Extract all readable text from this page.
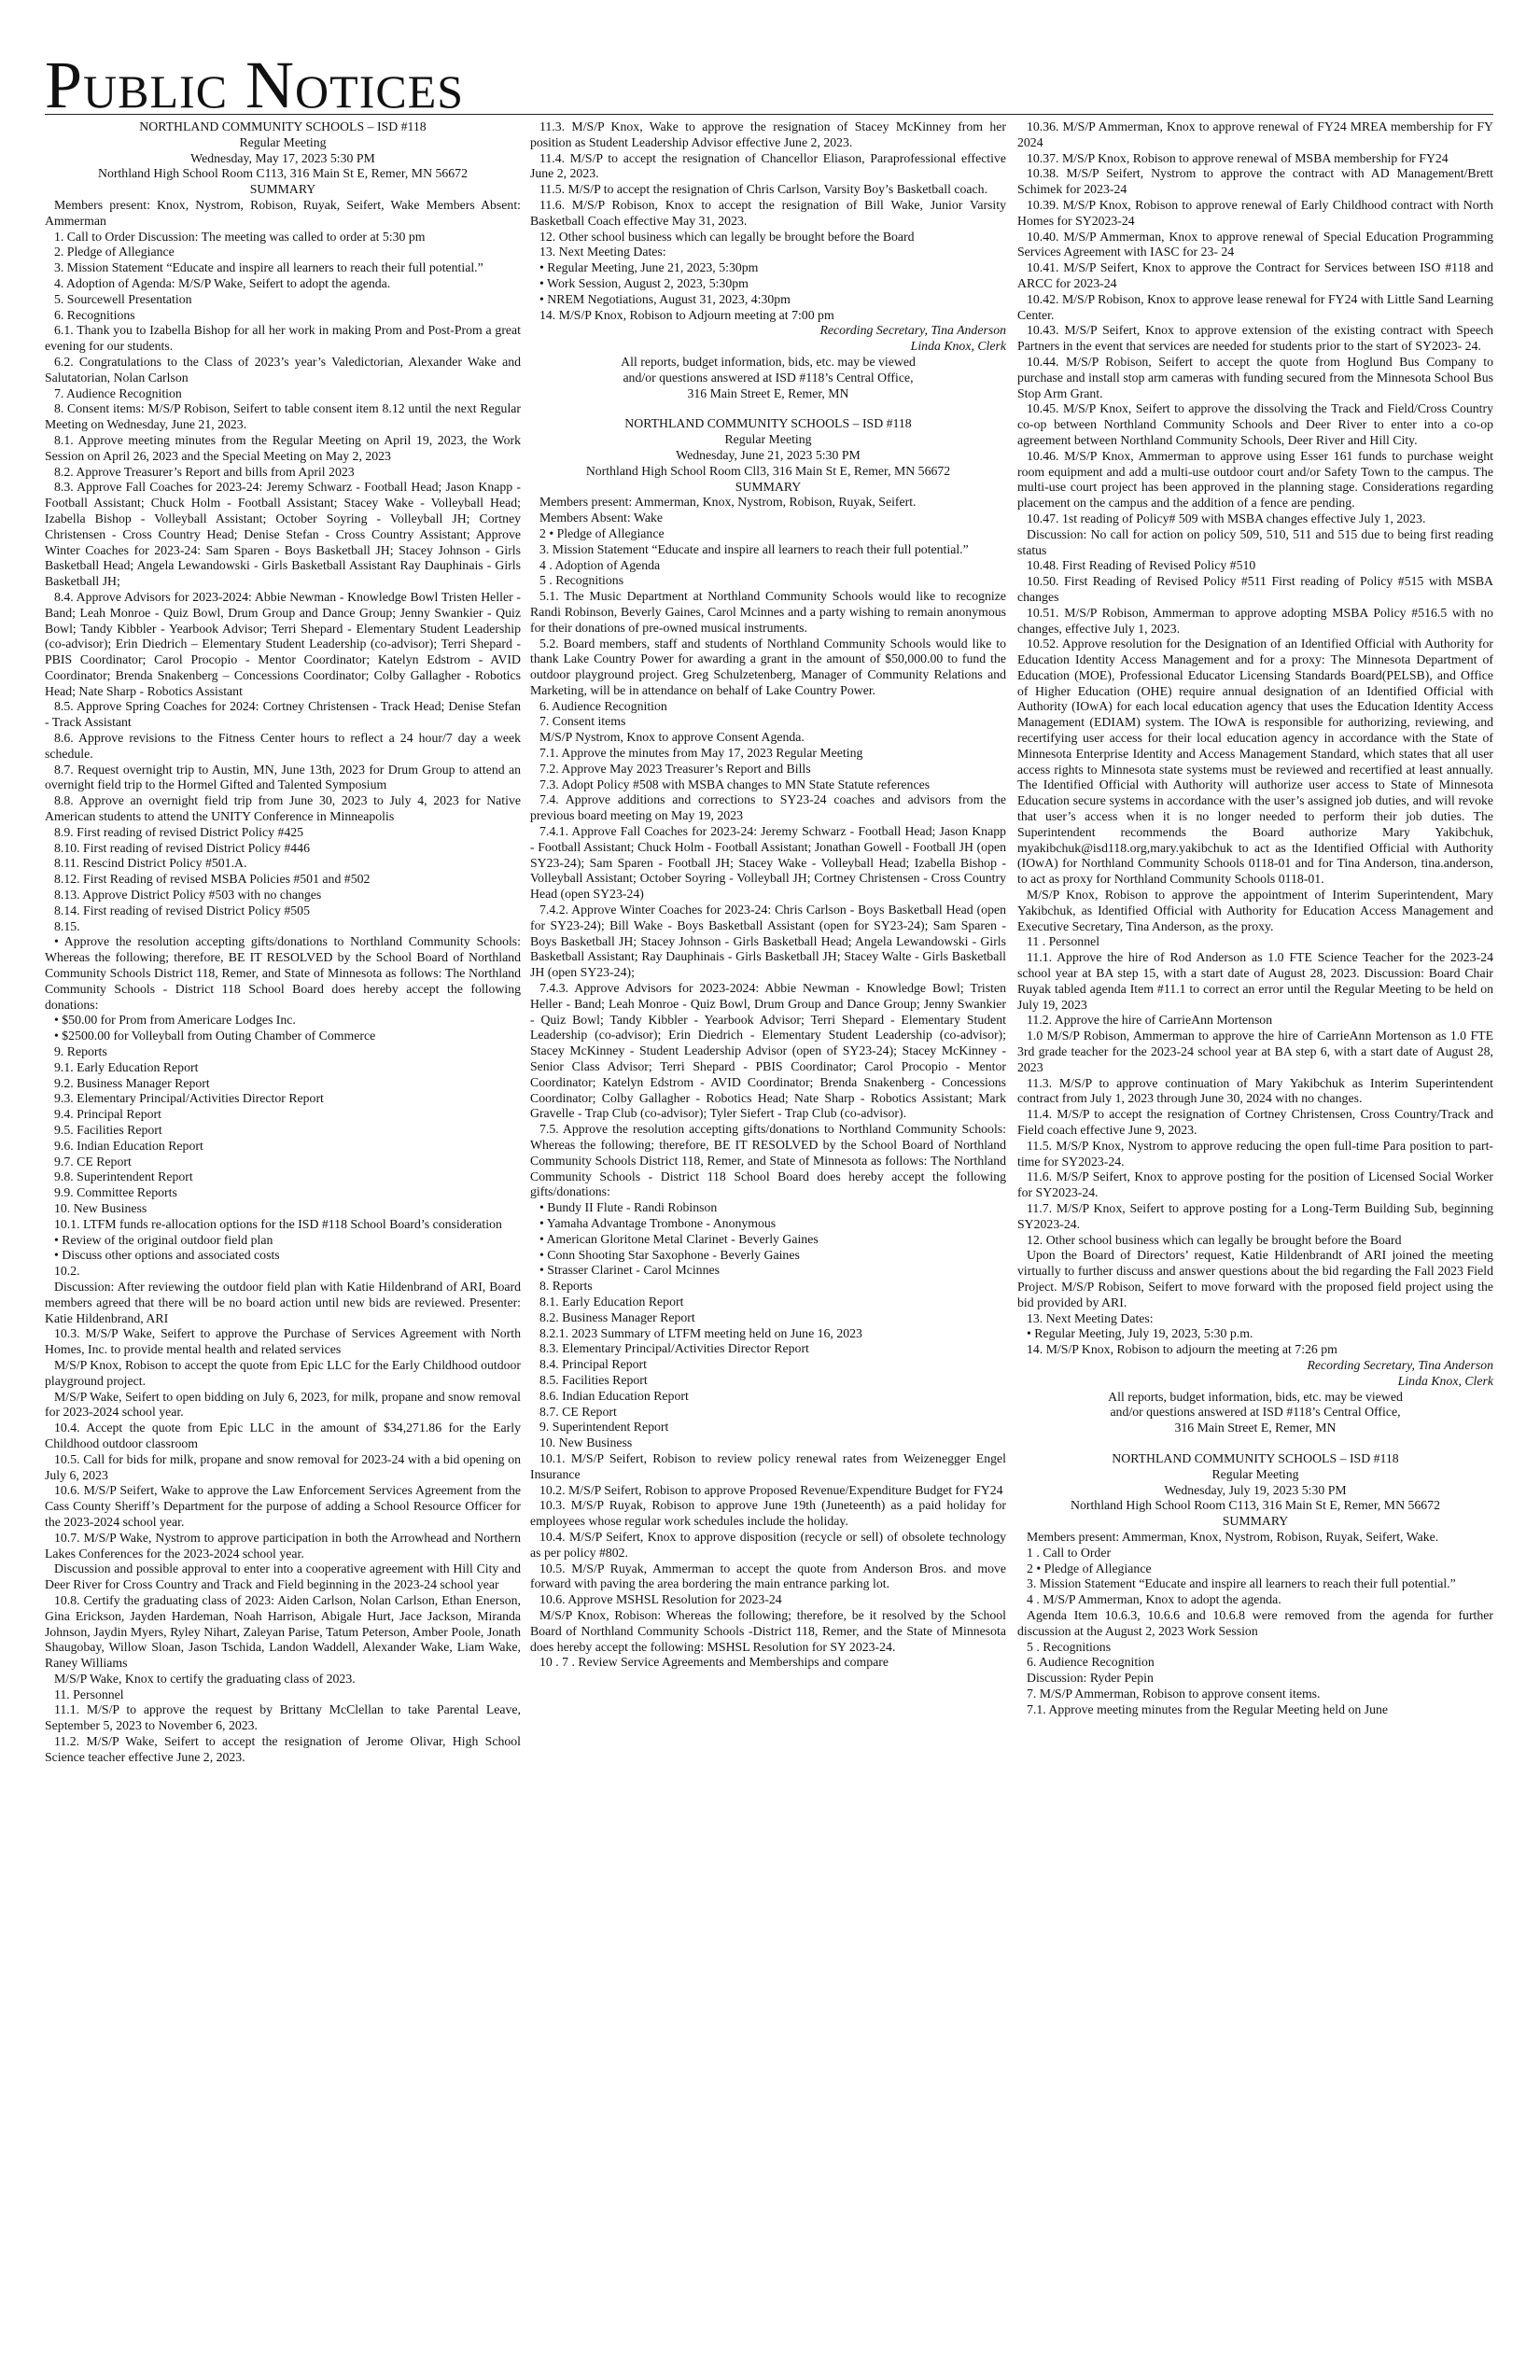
Public Notices

NORTHLAND COMMUNITY SCHOOLS – ISD #118

Regular Meeting

Wednesday, May 17, 2023 5:30 PM

Northland High School Room C113, 316 Main St E, Remer, MN 56672

SUMMARY

Members present: Knox, Nystrom, Robison, Ruyak, Seifert, Wake Members Absent: Ammerman

1. Call to Order Discussion: The meeting was called to order at 5:30 pm

2. Pledge of Allegiance

3. Mission Statement “Educate and inspire all learners to reach their full potential.”

4. Adoption of Agenda: M/S/P Wake, Seifert to adopt the agenda.

5. Sourcewell Presentation

6. Recognitions

6.1. Thank you to Izabella Bishop for all her work in making Prom and Post-Prom a great evening for our students.

6.2. Congratulations to the Class of 2023’s year’s Valedictorian, Alexander Wake and Salutatorian, Nolan Carlson

7. Audience Recognition

8. Consent items: M/S/P Robison, Seifert to table consent item 8.12 until the next Regular Meeting on Wednesday, June 21, 2023.

8.1. Approve meeting minutes from the Regular Meeting on April 19, 2023, the Work Session on April 26, 2023 and the Special Meeting on May 2, 2023

8.2. Approve Treasurer’s Report and bills from April 2023

8.3. Approve Fall Coaches for 2023-24: Jeremy Schwarz - Football Head; Jason Knapp - Football Assistant; Chuck Holm - Football Assistant; Stacey Wake - Volleyball Head; Izabella Bishop - Volleyball Assistant; October Soyring - Volleyball JH; Cortney Christensen - Cross Country Head; Denise Stefan - Cross Country Assistant; Approve Winter Coaches for 2023-24: Sam Sparen - Boys Basketball JH; Stacey Johnson - Girls Basketball Head; Angela Lewandowski - Girls Basketball Assistant Ray Dauphinais - Girls Basketball JH;

8.4. Approve Advisors for 2023-2024: Abbie Newman - Knowledge Bowl Tristen Heller - Band; Leah Monroe - Quiz Bowl, Drum Group and Dance Group; Jenny Swankier - Quiz Bowl; Tandy Kibbler - Yearbook Advisor; Terri Shepard - Elementary Student Leadership (co-advisor); Erin Diedrich – Elementary Student Leadership (co-advisor); Terri Shepard - PBIS Coordinator; Carol Procopio - Mentor Coordinator; Katelyn Edstrom - AVID Coordinator; Brenda Snakenberg – Concessions Coordinator; Colby Gallagher - Robotics Head; Nate Sharp - Robotics Assistant

8.5. Approve Spring Coaches for 2024: Cortney Christensen - Track Head; Denise Stefan - Track Assistant

8.6. Approve revisions to the Fitness Center hours to reflect a 24 hour/7 day a week schedule.

8.7. Request overnight trip to Austin, MN, June 13th, 2023 for Drum Group to attend an overnight field trip to the Hormel Gifted and Talented Symposium

8.8. Approve an overnight field trip from June 30, 2023 to July 4, 2023 for Native American students to attend the UNITY Conference in Minneapolis

8.9. First reading of revised District Policy #425

8.10. First reading of revised District Policy #446

8.11. Rescind District Policy #501.A.

8.12. First Reading of revised MSBA Policies #501 and #502

8.13. Approve District Policy #503 with no changes

8.14. First reading of revised District Policy #505

8.15.

• Approve the resolution accepting gifts/donations to Northland Community Schools: Whereas the following; therefore, BE IT RESOLVED by the School Board of Northland Community Schools District 118, Remer, and State of Minnesota as follows: The Northland Community Schools - District 118 School Board does hereby accept the following donations:

• $50.00 for Prom from Americare Lodges Inc.

• $2500.00 for Volleyball from Outing Chamber of Commerce

9. Reports

9.1. Early Education Report

9.2. Business Manager Report

9.3. Elementary Principal/Activities Director Report

9.4. Principal Report

9.5. Facilities Report

9.6. Indian Education Report

9.7. CE Report

9.8. Superintendent Report

9.9. Committee Reports

10. New Business

10.1. LTFM funds re-allocation options for the ISD #118 School Board’s consideration

• Review of the original outdoor field plan

• Discuss other options and associated costs

10.2.

Discussion: After reviewing the outdoor field plan with Katie Hildenbrand of ARI, Board members agreed that there will be no board action until new bids are reviewed. Presenter: Katie Hildenbrand, ARI

10.3. M/S/P Wake, Seifert to approve the Purchase of Services Agreement with North Homes, Inc. to provide mental health and related services

M/S/P Knox, Robison to accept the quote from Epic LLC for the Early Childhood outdoor playground project.

M/S/P Wake, Seifert to open bidding on July 6, 2023, for milk, propane and snow removal for 2023-2024 school year.

10.4. Accept the quote from Epic LLC in the amount of $34,271.86 for the Early Childhood outdoor classroom

10.5. Call for bids for milk, propane and snow removal for 2023-24 with a bid opening on July 6, 2023

10.6. M/S/P Seifert, Wake to approve the Law Enforcement Services Agreement from the Cass County Sheriff’s Department for the purpose of adding a School Resource Officer for the 2023-2024 school year.

10.7. M/S/P Wake, Nystrom to approve participation in both the Arrowhead and Northern Lakes Conferences for the 2023-2024 school year.

Discussion and possible approval to enter into a cooperative agreement with Hill City and Deer River for Cross Country and Track and Field beginning in the 2023-24 school year

10.8. Certify the graduating class of 2023: Aiden Carlson, Nolan Carlson, Ethan Enerson, Gina Erickson, Jayden Hardeman, Noah Harrison, Abigale Hurt, Jace Jackson, Miranda Johnson, Jaydin Myers, Ryley Nihart, Zaleyan Parise, Tatum Peterson, Amber Poole, Jonath Shaugobay, Willow Sloan, Jason Tschida, Landon Waddell, Alexander Wake, Liam Wake, Raney Williams

M/S/P Wake, Knox to certify the graduating class of 2023.

11. Personnel

11.1. M/S/P to approve the request by Brittany McClellan to take Parental Leave, September 5, 2023 to November 6, 2023.

11.2. M/S/P Wake, Seifert to accept the resignation of Jerome Olivar, High School Science teacher effective June 2, 2023.

11.3. M/S/P Knox, Wake to approve the resignation of Stacey McKinney from her position as Student Leadership Advisor effective June 2, 2023.

11.4. M/S/P to accept the resignation of Chancellor Eliason, Paraprofessional effective June 2, 2023.

11.5. M/S/P to accept the resignation of Chris Carlson, Varsity Boy’s Basketball coach.

11.6. M/S/P Robison, Knox to accept the resignation of Bill Wake, Junior Varsity Basketball Coach effective May 31, 2023.

12. Other school business which can legally be brought before the Board

13. Next Meeting Dates:

• Regular Meeting, June 21, 2023, 5:30pm

• Work Session, August 2, 2023, 5:30pm

• NREM Negotiations, August 31, 2023, 4:30pm

14. M/S/P Knox, Robison to Adjourn meeting at 7:00 pm

Recording Secretary, Tina Anderson

Linda Knox, Clerk

All reports, budget information, bids, etc. may be viewed

and/or questions answered at ISD #118’s Central Office,

316 Main Street E, Remer, MN

NORTHLAND COMMUNITY SCHOOLS – ISD #118

Regular Meeting

Wednesday, June 21, 2023 5:30 PM

Northland High School Room Cll3, 316 Main St E, Remer, MN 56672

SUMMARY

Members present: Ammerman, Knox, Nystrom, Robison, Ruyak, Seifert.

Members Absent: Wake

2 • Pledge of Allegiance

3. Mission Statement “Educate and inspire all learners to reach their full potential.”

4 . Adoption of Agenda

5 . Recognitions

5.1. The Music Department at Northland Community Schools would like to recognize Randi Robinson, Beverly Gaines, Carol Mcinnes and a party wishing to remain anonymous for their donations of pre-owned musical instruments.

5.2. Board members, staff and students of Northland Community Schools would like to thank Lake Country Power for awarding a grant in the amount of $50,000.00 to fund the outdoor playground project. Greg Schulzetenberg, Manager of Community Relations and Marketing, will be in attendance on behalf of Lake Country Power.

6. Audience Recognition

7. Consent items

M/S/P Nystrom, Knox to approve Consent Agenda.

7.1. Approve the minutes from May 17, 2023 Regular Meeting

7.2. Approve May 2023 Treasurer’s Report and Bills

7.3. Adopt Policy #508 with MSBA changes to MN State Statute references

7.4. Approve additions and corrections to SY23-24 coaches and advisors from the previous board meeting on May 19, 2023

7.4.1. Approve Fall Coaches for 2023-24: Jeremy Schwarz - Football Head; Jason Knapp - Football Assistant; Chuck Holm - Football Assistant; Jonathan Gowell - Football JH (open SY23-24); Sam Sparen - Football JH; Stacey Wake - Volleyball Head; Izabella Bishop - Volleyball Assistant; October Soyring - Volleyball JH; Cortney Christensen - Cross Country Head (open SY23-24)

7.4.2. Approve Winter Coaches for 2023-24: Chris Carlson - Boys Basketball Head (open for SY23-24); Bill Wake - Boys Basketball Assistant (open for SY23-24); Sam Sparen - Boys Basketball JH; Stacey Johnson - Girls Basketball Head; Angela Lewandowski - Girls Basketball Assistant; Ray Dauphinais - Girls Basketball JH; Stacey Walte - Girls Basketball JH (open SY23-24);

7.4.3. Approve Advisors for 2023-2024: Abbie Newman - Knowledge Bowl; Tristen Heller - Band; Leah Monroe - Quiz Bowl, Drum Group and Dance Group; Jenny Swankier - Quiz Bowl; Tandy Kibbler - Yearbook Advisor; Terri Shepard - Elementary Student Leadership (co-advisor); Erin Diedrich - Elementary Student Leadership (co-advisor); Stacey McKinney - Student Leadership Advisor (open of SY23-24); Stacey McKinney - Senior Class Advisor; Terri Shepard - PBIS Coordinator; Carol Procopio - Mentor Coordinator; Katelyn Edstrom - AVID Coordinator; Brenda Snakenberg - Concessions Coordinator; Colby Gallagher - Robotics Head; Nate Sharp - Robotics Assistant; Mark Gravelle - Trap Club (co-advisor); Tyler Siefert - Trap Club (co-advisor).

7.5. Approve the resolution accepting gifts/donations to Northland Community Schools: Whereas the following; therefore, BE IT RESOLVED by the School Board of Northland Community Schools District 118, Remer, and State of Minnesota as follows: The Northland Community Schools - District 118 School Board does hereby accept the following gifts/donations:

• Bundy II Flute - Randi Robinson

• Yamaha Advantage Trombone - Anonymous

• American Gloritone Metal Clarinet - Beverly Gaines

• Conn Shooting Star Saxophone - Beverly Gaines

• Strasser Clarinet - Carol Mcinnes

8. Reports

8.1. Early Education Report

8.2. Business Manager Report

8.2.1. 2023 Summary of LTFM meeting held on June 16, 2023

8.3. Elementary Principal/Activities Director Report

8.4. Principal Report

8.5. Facilities Report

8.6. Indian Education Report

8.7. CE Report

9. Superintendent Report

10. New Business

10.1. M/S/P Seifert, Robison to review policy renewal rates from Weizenegger Engel Insurance

10.2. M/S/P Seifert, Robison to approve Proposed Revenue/Expenditure Budget for FY24

10.3. M/S/P Ruyak, Robison to approve June 19th (Juneteenth) as a paid holiday for employees whose regular work schedules include the holiday.

10.4. M/S/P Seifert, Knox to approve disposition (recycle or sell) of obsolete technology as per policy #802.

10.5. M/S/P Ruyak, Ammerman to accept the quote from Anderson Bros. and move forward with paving the area bordering the main entrance parking lot.

10.6. Approve MSHSL Resolution for 2023-24

M/S/P Knox, Robison: Whereas the following; therefore, be it resolved by the School Board of Northland Community Schools -District 118, Remer, and the State of Minnesota does hereby accept the following: MSHSL Resolution for SY 2023-24.

10 . 7 . Review Service Agreements and Memberships and compare

10.36. M/S/P Ammerman, Knox to approve renewal of FY24 MREA membership for FY 2024

10.37. M/S/P Knox, Robison to approve renewal of MSBA membership for FY24

10.38. M/S/P Seifert, Nystrom to approve the contract with AD Management/Brett Schimek for 2023-24

10.39. M/S/P Knox, Robison to approve renewal of Early Childhood contract with North Homes for SY2023-24

10.40. M/S/P Ammerman, Knox to approve renewal of Special Education Programming Services Agreement with IASC for 23- 24

10.41. M/S/P Seifert, Knox to approve the Contract for Services between ISO #118 and ARCC for 2023-24

10.42. M/S/P Robison, Knox to approve lease renewal for FY24 with Little Sand Learning Center.

10.43. M/S/P Seifert, Knox to approve extension of the existing contract with Speech Partners in the event that services are needed for students prior to the start of SY2023- 24.

10.44. M/S/P Robison, Seifert to accept the quote from Hoglund Bus Company to purchase and install stop arm cameras with funding secured from the Minnesota School Bus Stop Arm Grant.

10.45. M/S/P Knox, Seifert to approve the dissolving the Track and Field/Cross Country co-op between Northland Community Schools and Deer River to enter into a co-op agreement between Northland Community Schools, Deer River and Hill City.

10.46. M/S/P Knox, Ammerman to approve using Esser 161 funds to purchase weight room equipment and add a multi-use outdoor court and/or Safety Town to the campus. The multi-use court project has been approved in the planning stage. Considerations regarding placement on the campus and the addition of a fence are pending.

10.47. 1st reading of Policy# 509 with MSBA changes effective July 1, 2023.

Discussion: No call for action on policy 509, 510, 511 and 515 due to being first reading status

10.48. First Reading of Revised Policy #510

10.50. First Reading of Revised Policy #511 First reading of Policy #515 with MSBA changes

10.51. M/S/P Robison, Ammerman to approve adopting MSBA Policy #516.5 with no changes, effective July 1, 2023.

10.52. Approve resolution for the Designation of an Identified Official with Authority for Education Identity Access Management and for a proxy: The Minnesota Department of Education (MOE), Professional Educator Licensing Standards Board(PELSB), and Office of Higher Education (OHE) require annual designation of an Identified Official with Authority (IOwA) for each local education agency that uses the Education Identity Access Management (EDIAM) system. The IOwA is responsible for authorizing, reviewing, and recertifying user access for their local education agency in accordance with the State of Minnesota Enterprise Identity and Access Management Standard, which states that all user access rights to Minnesota state systems must be reviewed and recertified at least annually. The Identified Official with Authority will authorize user access to State of Minnesota Education secure systems in accordance with the user’s assigned job duties, and will revoke that user’s access when it is no longer needed to perform their job duties. The Superintendent recommends the Board authorize Mary Yakibchuk, myakibchuk@isd118.org,mary.yakibchuk to act as the Identified Official with Authority (IOwA) for Northland Community Schools 0118-01 and for Tina Anderson, tina.anderson, to act as proxy for Northland Community Schools 0118-01.

M/S/P Knox, Robison to approve the appointment of Interim Superintendent, Mary Yakibchuk, as Identified Official with Authority for Education Access Management and Executive Secretary, Tina Anderson, as the proxy.

11 . Personnel

11.1. Approve the hire of Rod Anderson as 1.0 FTE Science Teacher for the 2023-24 school year at BA step 15, with a start date of August 28, 2023. Discussion: Board Chair Ruyak tabled agenda Item #11.1 to correct an error until the Regular Meeting to be held on July 19, 2023

11.2. Approve the hire of CarrieAnn Mortenson

1.0 M/S/P Robison, Ammerman to approve the hire of CarrieAnn Mortenson as 1.0 FTE 3rd grade teacher for the 2023-24 school year at BA step 6, with a start date of August 28, 2023

11.3. M/S/P to approve continuation of Mary Yakibchuk as Interim Superintendent contract from July 1, 2023 through June 30, 2024 with no changes.

11.4. M/S/P to accept the resignation of Cortney Christensen, Cross Country/Track and Field coach effective June 9, 2023.

11.5. M/S/P Knox, Nystrom to approve reducing the open full-time Para position to part-time for SY2023-24.

11.6. M/S/P Seifert, Knox to approve posting for the position of Licensed Social Worker for SY2023-24.

11.7. M/S/P Knox, Seifert to approve posting for a Long-Term Building Sub, beginning SY2023-24.

12. Other school business which can legally be brought before the Board

Upon the Board of Directors’ request, Katie Hildenbrandt of ARI joined the meeting virtually to further discuss and answer questions about the bid regarding the Fall 2023 Field Project. M/S/P Robison, Seifert to move forward with the proposed field project using the bid provided by ARI.

13. Next Meeting Dates:

• Regular Meeting, July 19, 2023, 5:30 p.m.

14. M/S/P Knox, Robison to adjourn the meeting at 7:26 pm

Recording Secretary, Tina Anderson

Linda Knox, Clerk

All reports, budget information, bids, etc. may be viewed

and/or questions answered at ISD #118’s Central Office,

316 Main Street E, Remer, MN

NORTHLAND COMMUNITY SCHOOLS – ISD #118

Regular Meeting

Wednesday, July 19, 2023 5:30 PM

Northland High School Room C113, 316 Main St E, Remer, MN 56672

SUMMARY

Members present: Ammerman, Knox, Nystrom, Robison, Ruyak, Seifert, Wake.

1 . Call to Order

2 • Pledge of Allegiance

3. Mission Statement “Educate and inspire all learners to reach their full potential.”

4 . M/S/P Ammerman, Knox to adopt the agenda.

Agenda Item 10.6.3, 10.6.6 and 10.6.8 were removed from the agenda for further discussion at the August 2, 2023 Work Session

5 . Recognitions

6. Audience Recognition

Discussion: Ryder Pepin

7. M/S/P Ammerman, Robison to approve consent items.

7.1. Approve meeting minutes from the Regular Meeting held on June
